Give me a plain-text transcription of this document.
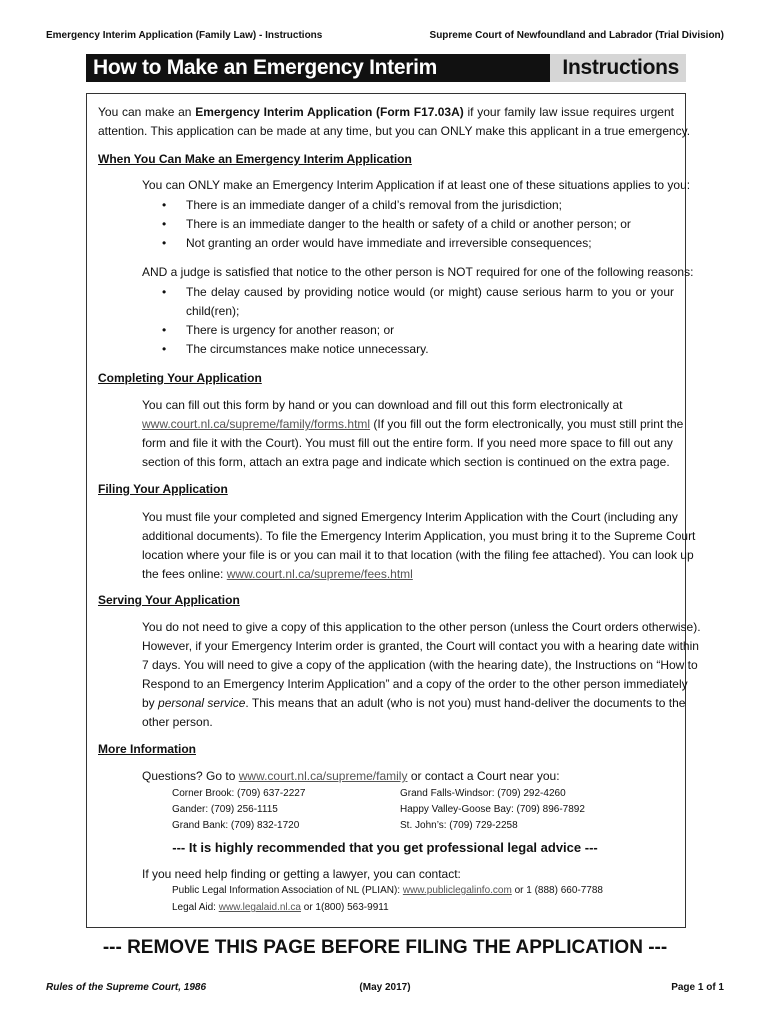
Emergency Interim Application (Family Law) - Instructions	Supreme Court of Newfoundland and Labrador (Trial Division)
How to Make an Emergency Interim Application
Instructions
You can make an Emergency Interim Application (Form F17.03A) if your family law issue requires urgent
attention. This application can be made at any time, but you can ONLY make this applicant in a true emergency.
When You Can Make an Emergency Interim Application
You can ONLY make an Emergency Interim Application if at least one of these situations applies to you:
•	There is an immediate danger of a child’s removal from the jurisdiction;
•	There is an immediate danger to the health or safety of a child or another person; or
•	Not granting an order would have immediate and irreversible consequences;
AND a judge is satisfied that notice to the other person is NOT required for one of the following reasons:
•	The delay caused by providing notice would (or might) cause serious harm to you or your
child(ren);
•	There is urgency for another reason; or
•	The circumstances make notice unnecessary.
Completing Your Application
You can fill out this form by hand or you can download and fill out this form electronically at
www.court.nl.ca/supreme/family/forms.html (If you fill out the form electronically, you must still print the
form and file it with the Court). You must fill out the entire form. If you need more space to fill out any
section of this form, attach an extra page and indicate which section is continued on the extra page.
Filing Your Application
You must file your completed and signed Emergency Interim Application with the Court (including any
additional documents). To file the Emergency Interim Application, you must bring it to the Supreme Court
location where your file is or you can mail it to that location (with the filing fee attached). You can look up
the fees online: www.court.nl.ca/supreme/fees.html
Serving Your Application
You do not need to give a copy of this application to the other person (unless the Court orders otherwise).
However, if your Emergency Interim order is granted, the Court will contact you with a hearing date within
7 days. You will need to give a copy of the application (with the hearing date), the Instructions on “How to
Respond to an Emergency Interim Application” and a copy of the order to the other person immediately
by personal service. This means that an adult (who is not you) must hand-deliver the documents to the
other person.
More Information
Questions? Go to www.court.nl.ca/supreme/family or contact a Court near you:
Corner Brook: (709) 637-2227
Gander: (709) 256-1115
Grand Bank: (709) 832-1720
Grand Falls-Windsor: (709) 292-4260
Happy Valley-Goose Bay: (709) 896-7892
St. John’s: (709) 729-2258
--- It is highly recommended that you get professional legal advice ---
If you need help finding or getting a lawyer, you can contact:
Public Legal Information Association of NL (PLIAN): www.publiclegalinfo.com or 1 (888) 660-7788
Legal Aid: www.legalaid.nl.ca or 1(800) 563-9911
--- REMOVE THIS PAGE BEFORE FILING THE APPLICATION ---
Rules of the Supreme Court, 1986	(May 2017)	Page 1 of 1
